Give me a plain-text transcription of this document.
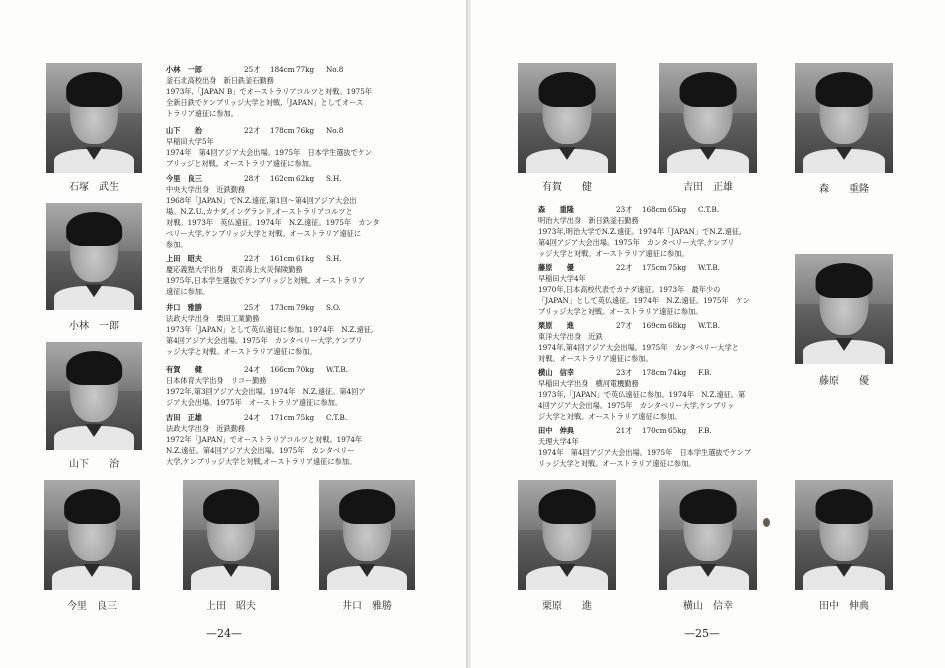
石塚　武生
小林　一郎
山下　　治
今里　良三	上田　昭夫	井口　雅勝
小林　一郎	25才 184cm77kg No.8
釜石北高校出身　新日鉄釜石勤務
1973年,「JAPAN B」でオーストラリアコルツと対戦。1975年
全新日鉄でケンブリッジ大学と対戦,「JAPAN」としてオース
トラリア遠征に参加。
山下　　治	22才 178cm76kg No.8
早稲田大学5年
1974年　第4回アジア大会出場。1975年　日本学生選抜でケン
ブリッジと対戦。オーストラリア遠征に参加。
今里　良三	28才 162cm62kg S.H.
中央大学出身　近鉄勤務
1968年「JAPAN」でN.Z.遠征,第1回～第4回アジア大会出
場。N.Z.U.,カナダ,イングランド,オーストラリアコルツと
対戦。1973年　英仏遠征。1974年　N.Z.遠征。1975年　カンタ
ベリー大学,ケンブリッジ大学と対戦。オーストラリア遠征に
参加。
上田　昭夫	22才 161cm61kg S.H.
慶応義塾大学出身　東京海上火災保険勤務
1975年,日本学生選抜でケンブリッジと対戦。オーストラリア
遠征に参加。
井口　雅勝	25才 173cm79kg S.O.
法政大学出身　栗田工業勤務
1973年「JAPAN」として英仏遠征に参加。1974年　N.Z.遠征,
第4回アジア大会出場。1975年　カンタベリー大学,ケンブリ
ッジ大学と対戦。オーストラリア遠征に参加。
有賀　　健	24才 166cm70kg W.T.B.
日本体育大学出身　リコー勤務
1972年,第3回アジア大会出場。1974年　N.Z.遠征。第4回ア
ジア大会出場。1975年　オーストラリア遠征に参加。
吉田　正雄	24才 171cm75kg C.T.B.
法政大学出身　近鉄勤務
1972年「JAPAN」でオーストラリアコルツと対戦。1974年
N.Z.遠征。第4回アジア大会出場。1975年　カンタベリー
大学,ケンブリッジ大学と対戦,オーストラリア遠征に参加。
—24—
有賀　　健	吉田　正雄	森　　重隆
藤原　　優
栗原　　進	横山　信幸	田中　伸典
森　　重隆	23才 168cm65kg C.T.B.
明治大学出身　新日鉄釜石勤務
1973年,明治大学でN.Z.遠征。1974年「JAPAN」でN.Z.遠征,
第4回アジア大会出場。1975年　カンタベリー大学,ケンブリ
ッジ大学と対戦。オーストラリア遠征に参加。
藤原　　優	22才 175cm75kg W.T.B.
早稲田大学4年
1970年,日本高校代表でカナダ遠征。1973年　最年少の
「JAPAN」として英仏遠征。1974年　N.Z.遠征。1975年　ケン
ブリッジ大学と対戦。オーストラリア遠征に参加。
栗原　　進	27才 169cm68kg W.T.B.
東洋大学出身　近鉄
1974年,第4回アジア大会出場。1975年　カンタベリー大学と
対戦。オーストラリア遠征に参加。
横山　信幸	23才 178cm74kg F.B.
早稲田大学出身　横河電機勤務
1973年,「JAPAN」で英仏遠征に参加。1974年　N.Z.遠征。第
4回アジア大会出場。1975年　カンタベリー大学,ケンブリッ
ジ大学と対戦。オーストラリア遠征に参加。
田中　伸典	21才 170cm65kg F.B.
天理大学4年
1974年　第4回アジア大会出場。1975年　日本学生選抜でケンブ
リッジ大学と対戦。オーストラリア遠征に参加。
—25—
